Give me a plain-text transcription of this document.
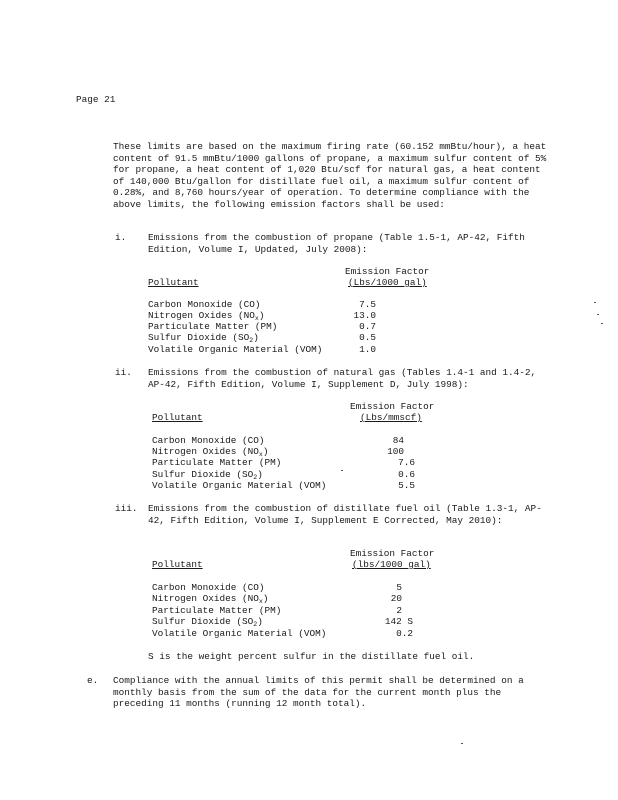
Page 21
These limits are based on the maximum firing rate (60.152 mmBtu/hour), a heat content of 91.5 mmBtu/1000 gallons of propane, a maximum sulfur content of 5% for propane, a heat content of 1,020 Btu/scf for natural gas, a heat content of 140,000 Btu/gallon for distillate fuel oil, a maximum sulfur content of 0.28%, and 8,760 hours/year of operation. To determine compliance with the above limits, the following emission factors shall be used:
i. Emissions from the combustion of propane (Table 1.5-1, AP-42, Fifth Edition, Volume I, Updated, July 2008):
Emission Factor
(Lbs/1000 gal)
Pollutant
Carbon Monoxide (CO)	7.5
Nitrogen Oxides $(NO_x)$	13.0
Particulate Matter (PM)	0.7
Sulfur Dioxide $(SO_2)$	0.5
Volatile Organic Material (VOM)	1.0
ii. Emissions from the combustion of natural gas (Tables 1.4-1 and 1.4-2, AP-42, Fifth Edition, Volume I, Supplement D, July 1998):
Emission Factor
(Lbs/mmscf)
Pollutant
Carbon Monoxide (CO)	84
Nitrogen Oxides $(NO_x)$	100
Particulate Matter (PM)	7.6
Sulfur Dioxide $(SO_2)$	0.6
Volatile Organic Material (VOM)	5.5
iii. Emissions from the combustion of distillate fuel oil (Table 1.3-1, AP-42, Fifth Edition, Volume I, Supplement E Corrected, May 2010):
Emission Factor
(lbs/1000 gal)
Pollutant
Carbon Monoxide (CO)	5
Nitrogen Oxides $(NO_x)$	20
Particulate Matter (PM)	2
Sulfur Dioxide $(SO_2)$	142 S
Volatile Organic Material (VOM)	0.2
S is the weight percent sulfur in the distillate fuel oil.
e. Compliance with the annual limits of this permit shall be determined on a monthly basis from the sum of the data for the current month plus the preceding 11 months (running 12 month total).
